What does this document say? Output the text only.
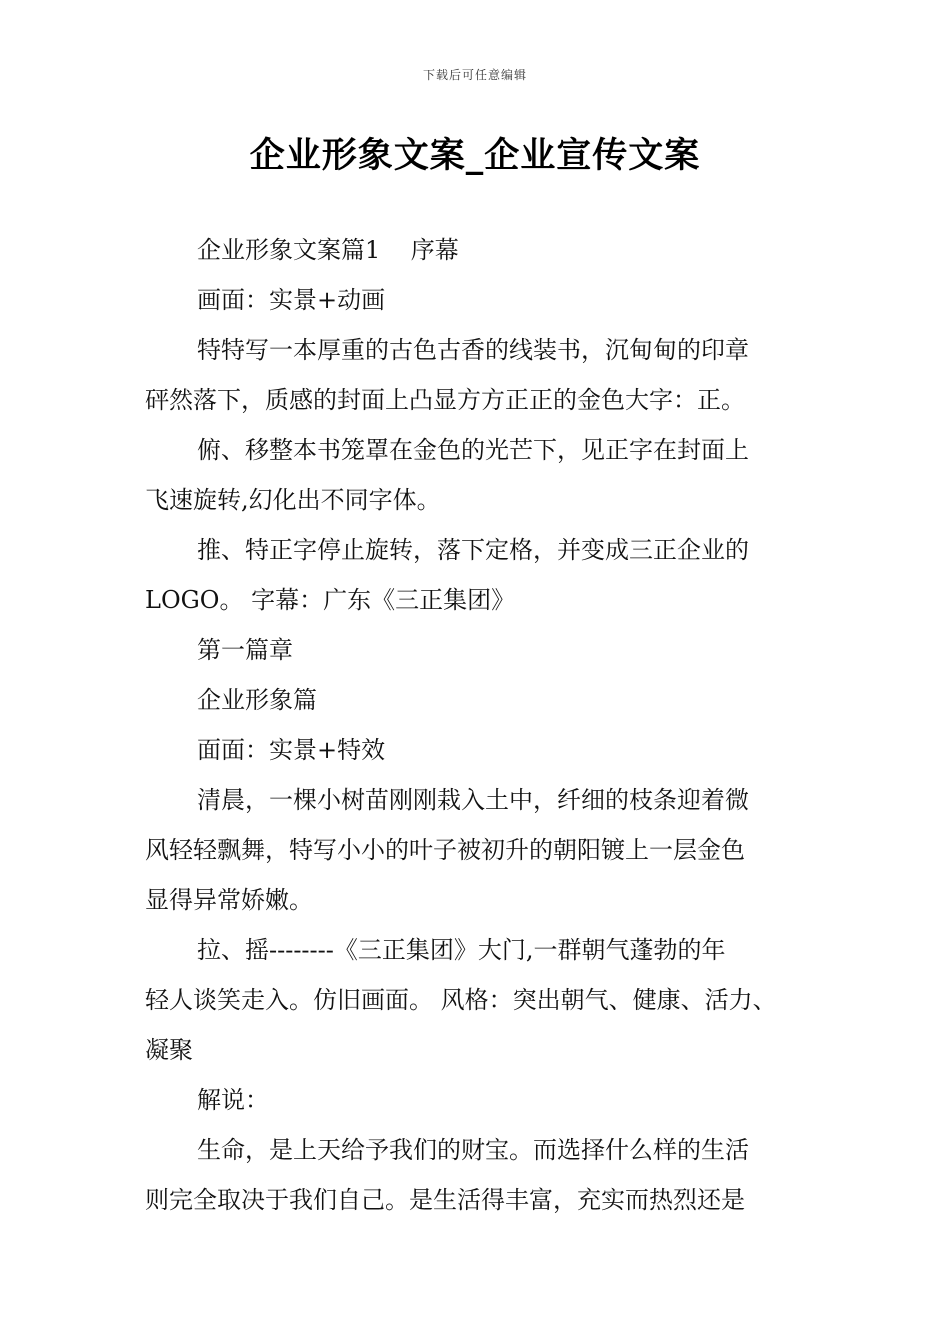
下载后可任意编辑
企业形象文案_企业宣传文案
企业形象文案篇1    序幕
画面：实景+动画
特特写一本厚重的古色古香的线装书，沉甸甸的印章
砰然落下，质感的封面上凸显方方正正的金色大字：正。
俯、移整本书笼罩在金色的光芒下，见正字在封面上
飞速旋转,幻化出不同字体。
推、特正字停止旋转，落下定格，并变成三正企业的
LOGO。 字幕：广东《三正集团》
第一篇章
企业形象篇
面面：实景+特效
清晨，一棵小树苗刚刚栽入土中，纤细的枝条迎着微
风轻轻飘舞，特写小小的叶子被初升的朝阳镀上一层金色
显得异常娇嫩。
拉、摇--------《三正集团》大门,一群朝气蓬勃的年
轻人谈笑走入。仿旧画面。 风格：突出朝气、健康、活力、
凝聚
解说：
生命，是上天给予我们的财宝。而选择什么样的生活
则完全取决于我们自己。是生活得丰富，充实而热烈还是
